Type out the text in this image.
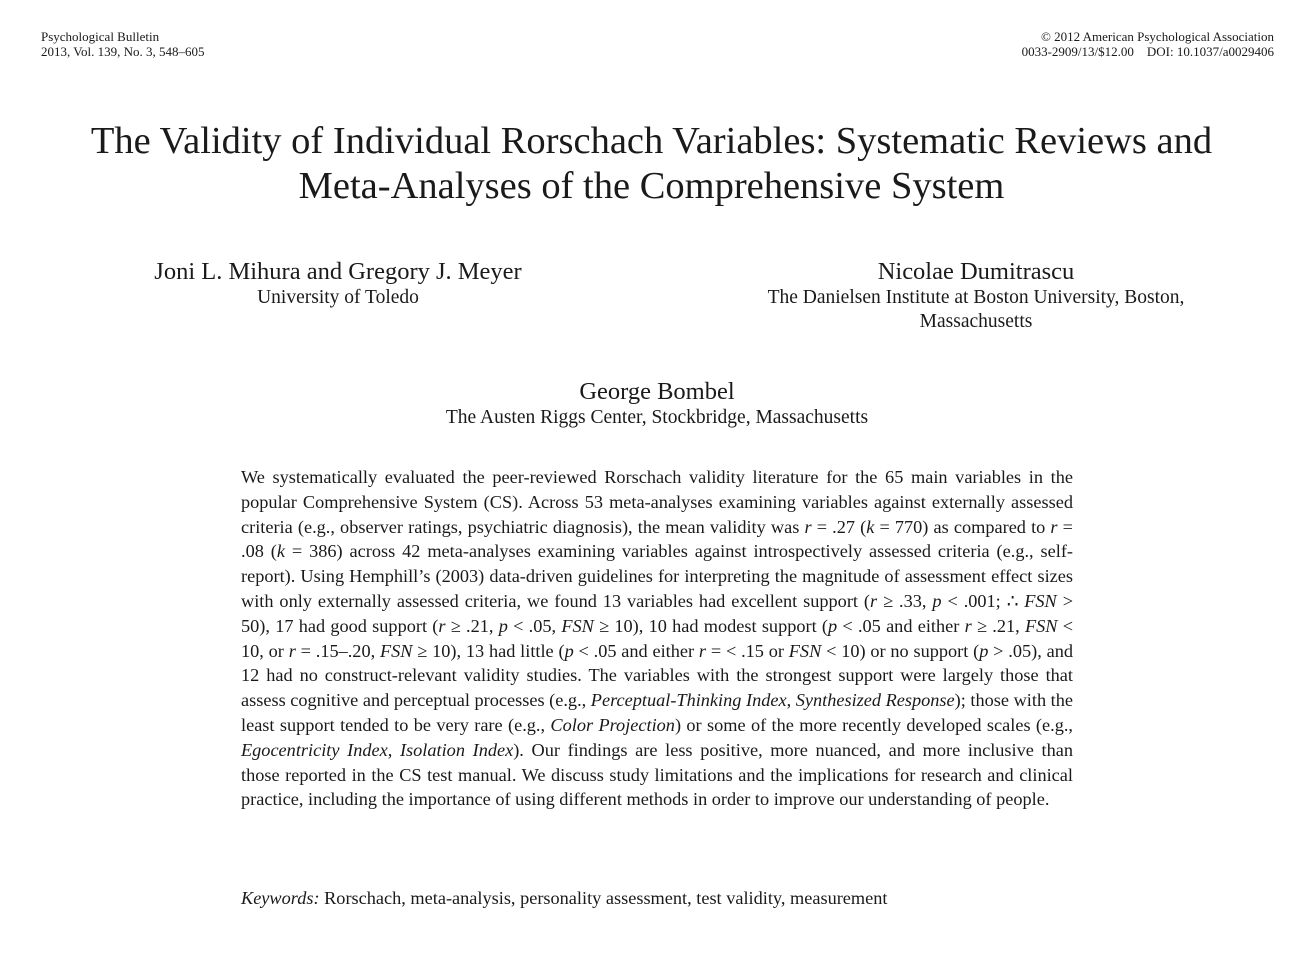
Psychological Bulletin
2013, Vol. 139, No. 3, 548–605
© 2012 American Psychological Association
0033-2909/13/$12.00 DOI: 10.1037/a0029406
The Validity of Individual Rorschach Variables: Systematic Reviews and
Meta-Analyses of the Comprehensive System
Joni L. Mihura and Gregory J. Meyer
University of Toledo
Nicolae Dumitrascu
The Danielsen Institute at Boston University, Boston,
Massachusetts
George Bombel
The Austen Riggs Center, Stockbridge, Massachusetts

We systematically evaluated the peer-reviewed Rorschach validity literature for the 65 main variables in the popular Comprehensive System (CS). Across 53 meta-analyses examining variables against externally assessed criteria (e.g., observer ratings, psychiatric diagnosis), the mean validity was r = .27 (k = 770) as compared to r = .08 (k = 386) across 42 meta-analyses examining variables against introspectively assessed criteria (e.g., self-report). Using Hemphill’s (2003) data-driven guidelines for interpreting the magnitude of assessment effect sizes with only externally assessed criteria, we found 13 variables had excellent support (r ≥ .33, p < .001; ∴ FSN > 50), 17 had good support (r ≥ .21, p < .05, FSN ≥ 10), 10 had modest support (p < .05 and either r ≥ .21, FSN < 10, or r = .15–.20, FSN ≥ 10), 13 had little (p < .05 and either r = < .15 or FSN < 10) or no support (p > .05), and 12 had no construct-relevant validity studies. The variables with the strongest support were largely those that assess cognitive and perceptual processes (e.g., Perceptual-Thinking Index, Synthesized Response); those with the least support tended to be very rare (e.g., Color Projection) or some of the more recently developed scales (e.g., Egocentricity Index, Isolation Index). Our findings are less positive, more nuanced, and more inclusive than those reported in the CS test manual. We discuss study limitations and the implications for research and clinical practice, including the importance of using different methods in order to improve our understanding of people.

Keywords: Rorschach, meta-analysis, personality assessment, test validity, measurement
